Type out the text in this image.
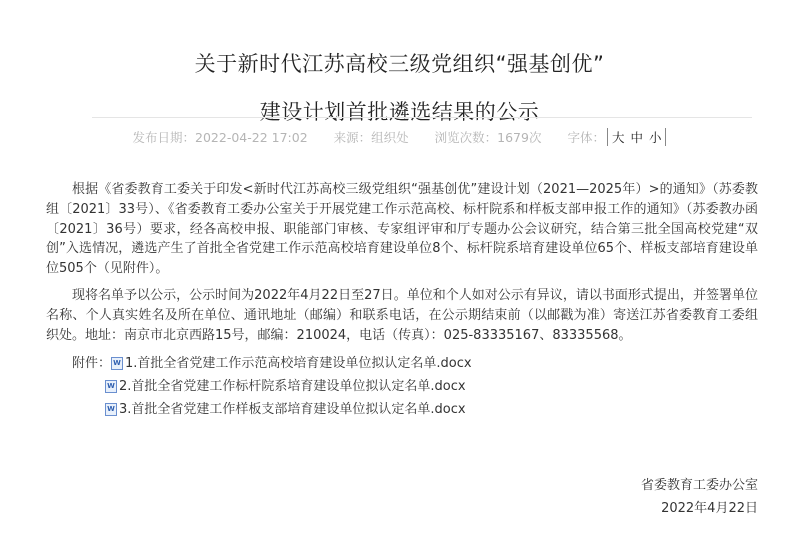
关于新时代江苏高校三级党组织“强基创优”
建设计划首批遴选结果的公示
发布日期：2022-04-22 17:02 来源：组织处 浏览次数：1679次 字体： 大 中 小

根据《省委教育工委关于印发<新时代江苏高校三级党组织“强基创优”建设计划（2021—2025年）>的通知》（苏委教组〔2021〕33号）、《省委教育工委办公室关于开展党建工作示范高校、标杆院系和样板支部申报工作的通知》（苏委教办函〔2021〕36号）要求，经各高校申报、职能部门审核、专家组评审和厅专题办公会议研究，结合第三批全国高校党建“双创”入选情况，遴选产生了首批全省党建工作示范高校培育建设单位8个、标杆院系培育建设单位65个、样板支部培育建设单位505个（见附件）。

现将名单予以公示，公示时间为2022年4月22日至27日。单位和个人如对公示有异议，请以书面形式提出，并签署单位名称、个人真实姓名及所在单位、通讯地址（邮编）和联系电话，在公示期结束前（以邮戳为准）寄送江苏省委教育工委组织处。地址：南京市北京西路15号，邮编：210024，电话（传真）：025-83335167、83335568。

附件： W 1.首批全省党建工作示范高校培育建设单位拟认定名单.docx
W 2.首批全省党建工作标杆院系培育建设单位拟认定名单.docx
W 3.首批全省党建工作样板支部培育建设单位拟认定名单.docx
省委教育工委办公室
2022年4月22日
